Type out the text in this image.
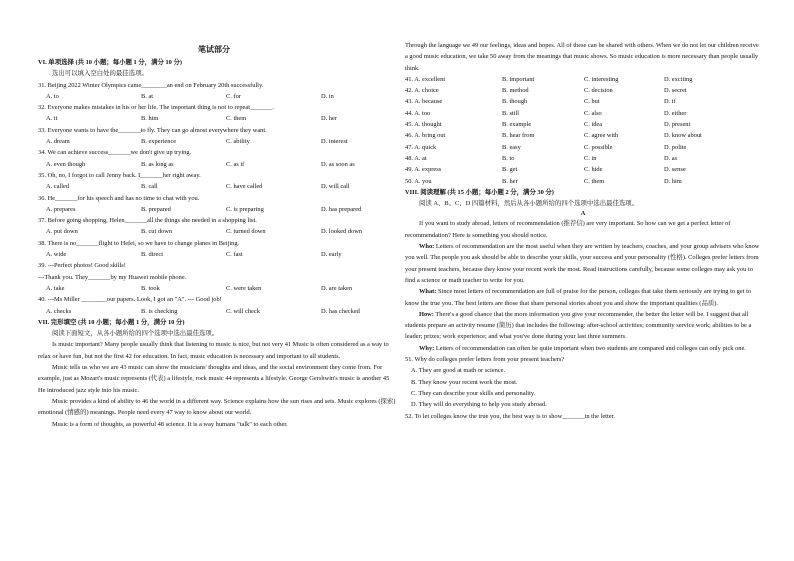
笔试部分
VI. 单项选择 (共 10 小题；每小题 1 分，满分 10 分)
选出可以填入空白处的最佳选项。
31. Beijing 2022 Winter Olympics came________an end on February 20th successfully.
A. to	B. at	C. for	D. in
32. Everyone makes mistakes in his or her life. The important thing is not to repeat_______.
A. it	B. him	C. them	D. her
33. Everyone wants to have the_______to fly. They can go almost everywhere they want.
A. dream	B. experience	C. ability	D. interest
34. We can achieve success_______we don't give up trying.
A. even though	B. as long as	C. as if	D. as soon as
35. Oh, no, I forgot to call Jenny back. I_______her right away.
A. called	B. call	C. have called	D. will call
36. He_______for his speech and has no time to chat with you.
A. prepares	B. prepared	C. is preparing	D. has prepared
37. Before going shopping, Helen_______all the things she needed in a shopping list.
A. put down	B. cut down	C. turned down	D. looked down
38. There is no_______flight to Hefei, so we have to change planes in Beijing.
A. wide	B. direct	C. fast	D. early
39. ---Perfect photos! Good skills!
---Thank you. They_______by my Huawei mobile phone.
A. take	B. took	C. were taken	D. are taken
40. ---Ms Miller ________our papers. Look, I got an "A". --- Good job!
A. checks	B. is checking	C. will check	D. has checked
VII. 完形填空 (共 10 小题；每小题 1 分，满分 10 分)
阅读下面短文，从各小题所给的四个选项中选出最佳选项。
Is music important? Many people usually think that listening to music is nice, but not very 41 Music is often considered as a way to relax or have fun, but not the first 42 for education. In fact, music education is necessary and important to all students.
Music tells us who we are 43 music can show the musicians' thoughts and ideas, and the social environment they come from. For example, just as Mozart's music represents (代表) a lifestyle, rock music 44 represents a lifestyle. George Gershwin's music is another 45 He introduced jazz style into his music.
Music provides a kind of ability to 46 the world in a different way. Science explains how the sun rises and sets. Music explores (探索) emotional (情感的) meanings. People need every 47 way to know about our world.
Music is a form of thoughts, as powerful 48 science. It is a way humans "talk" to each other.
Through the language we 49 our feelings, ideas and hopes. All of these can be shared with others. When we do not let our children receive a good music education, we take 50 away from the meanings that music shows. So music education is more necessary than people usually think.
41. A. excellent	B. important	C. interesting	D. exciting
42. A. choice	B. method	C. decision	D. secret
43. A. because	B. though	C. but	D. if
44. A. too	B. still	C. also	D. either
45. A. thought	B. example	C. idea	D. present
46. A. bring out	B. hear from	C. agree with	D. know about
47. A. quick	B. easy	C. possible	D. polite
48. A. at	B. to	C. in	D. as
49. A. express	B. get	C. hide	D. sense
50. A. you	B. her	C. them	D. him
VIII. 阅读理解 (共 15 小题；每小题 2 分，满分 30 分)
阅读 A、B、C、D 四篇材料，然后从各小题所给的四个选项中选出最佳选项。
A
If you want to study abroad, letters of recommendation (推荐信) are very important. So how can we get a perfect letter of recommendation? Here is something you should notice.
Who: Letters of recommendation are the most useful when they are written by teachers, coaches, and your group advisers who know you well. The people you ask should be able to describe your skills, your success and your personality (性格). Colleges prefer letters from your present teachers, because they know your recent work the most. Read instructions carefully, because some colleges may ask you to find a science or math teacher to write for you.
What: Since most letters of recommendation are full of praise for the person, colleges that take them seriously are trying to get to know the true you. The best letters are those that share personal stories about you and show the important qualities (品质).
How: There's a good chance that the more information you give your recommender, the better the letter will be. I suggest that all students prepare an activity resume (简历) that includes the following: after-school activities; community service work; abilities to be a leader; prizes; work experience; and what you've done during your last three summers.
Why: Letters of recommendation can often be quite important when two students are compared and colleges can only pick one.
51. Why do colleges prefer letters from your present teachers?
A. They are good at math or science.
B. They know your recent work the most.
C. They can describe your skills and personality.
D. They will do everything to help you study abroad.
52. To let colleges know the true you, the best way is to show_______in the letter.
